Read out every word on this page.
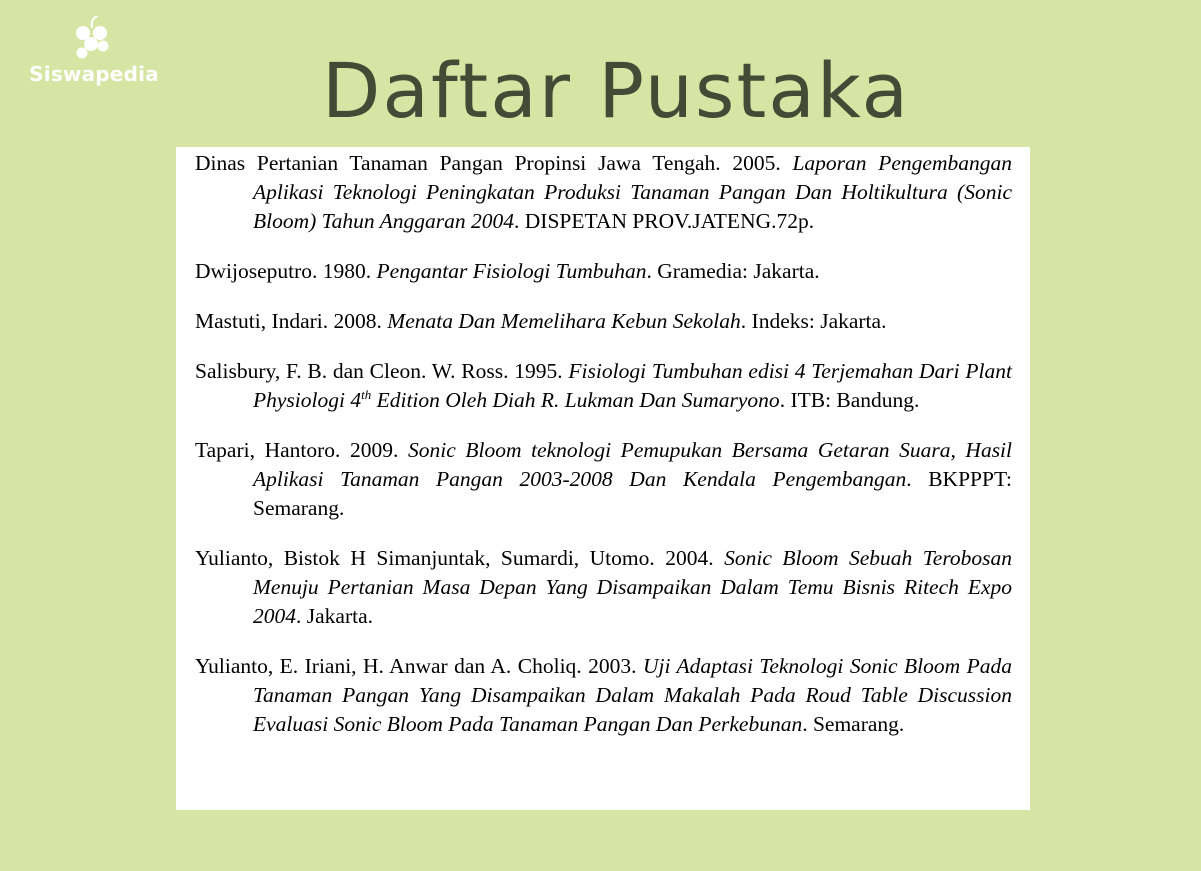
Siswapedia	Daftar Pustaka

Dinas Pertanian Tanaman Pangan Propinsi Jawa Tengah. 2005. Laporan Pengembangan Aplikasi Teknologi Peningkatan Produksi Tanaman Pangan Dan Holtikultura (Sonic Bloom) Tahun Anggaran 2004. DISPETAN PROV.JATENG.72p.

Dwijoseputro. 1980. Pengantar Fisiologi Tumbuhan. Gramedia: Jakarta.

Mastuti, Indari. 2008. Menata Dan Memelihara Kebun Sekolah. Indeks: Jakarta.

Salisbury, F. B. dan Cleon. W. Ross. 1995. Fisiologi Tumbuhan edisi 4 Terjemahan Dari Plant Physiologi 4th Edition Oleh Diah R. Lukman Dan Sumaryono. ITB: Bandung.

Tapari, Hantoro. 2009. Sonic Bloom teknologi Pemupukan Bersama Getaran Suara, Hasil Aplikasi Tanaman Pangan 2003-2008 Dan Kendala Pengembangan. BKPPPT: Semarang.

Yulianto, Bistok H Simanjuntak, Sumardi, Utomo. 2004. Sonic Bloom Sebuah Terobosan Menuju Pertanian Masa Depan Yang Disampaikan Dalam Temu Bisnis Ritech Expo 2004. Jakarta.

Yulianto, E. Iriani, H. Anwar dan A. Choliq. 2003. Uji Adaptasi Teknologi Sonic Bloom Pada Tanaman Pangan Yang Disampaikan Dalam Makalah Pada Roud Table Discussion Evaluasi Sonic Bloom Pada Tanaman Pangan Dan Perkebunan. Semarang.
